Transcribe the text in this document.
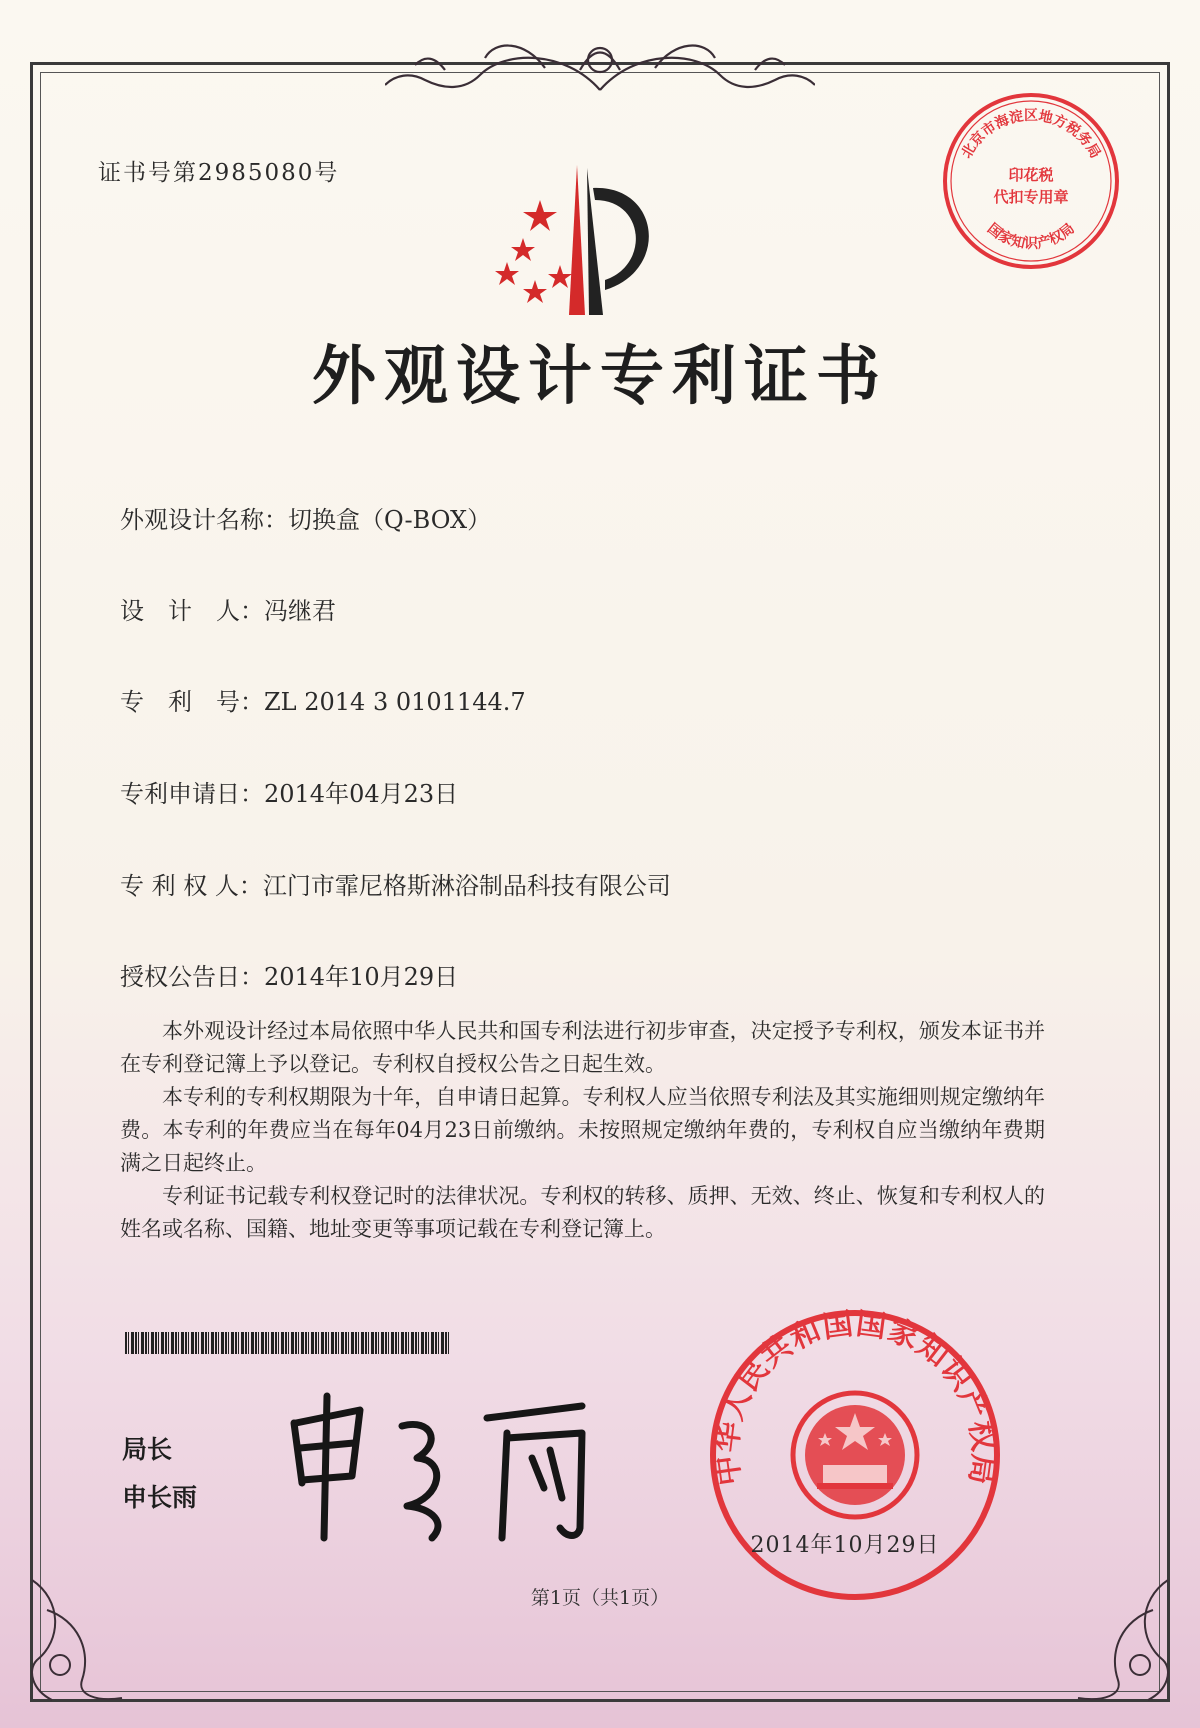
证书号第2985080号
外观设计专利证书
外观设计名称：切换盒（Q-BOX）
设　计　人：冯继君
专　利　号：ZL 2014 3 0101144.7
专利申请日：2014年04月23日
专 利 权 人：江门市霏尼格斯淋浴制品科技有限公司
授权公告日：2014年10月29日

本外观设计经过本局依照中华人民共和国专利法进行初步审查，决定授予专利权，颁发本证书并在专利登记簿上予以登记。专利权自授权公告之日起生效。

本专利的专利权期限为十年，自申请日起算。专利权人应当依照专利法及其实施细则规定缴纳年费。本专利的年费应当在每年04月23日前缴纳。未按照规定缴纳年费的，专利权自应当缴纳年费期满之日起终止。

专利证书记载专利权登记时的法律状况。专利权的转移、质押、无效、终止、恢复和专利权人的姓名或名称、国籍、地址变更等事项记载在专利登记簿上。

局长
申长雨
北京市海淀区地方税务局
印花税
代扣专用章
国家知识产权局
中华人民共和国国家知识产权局
2014年10月29日
第1页（共1页）
